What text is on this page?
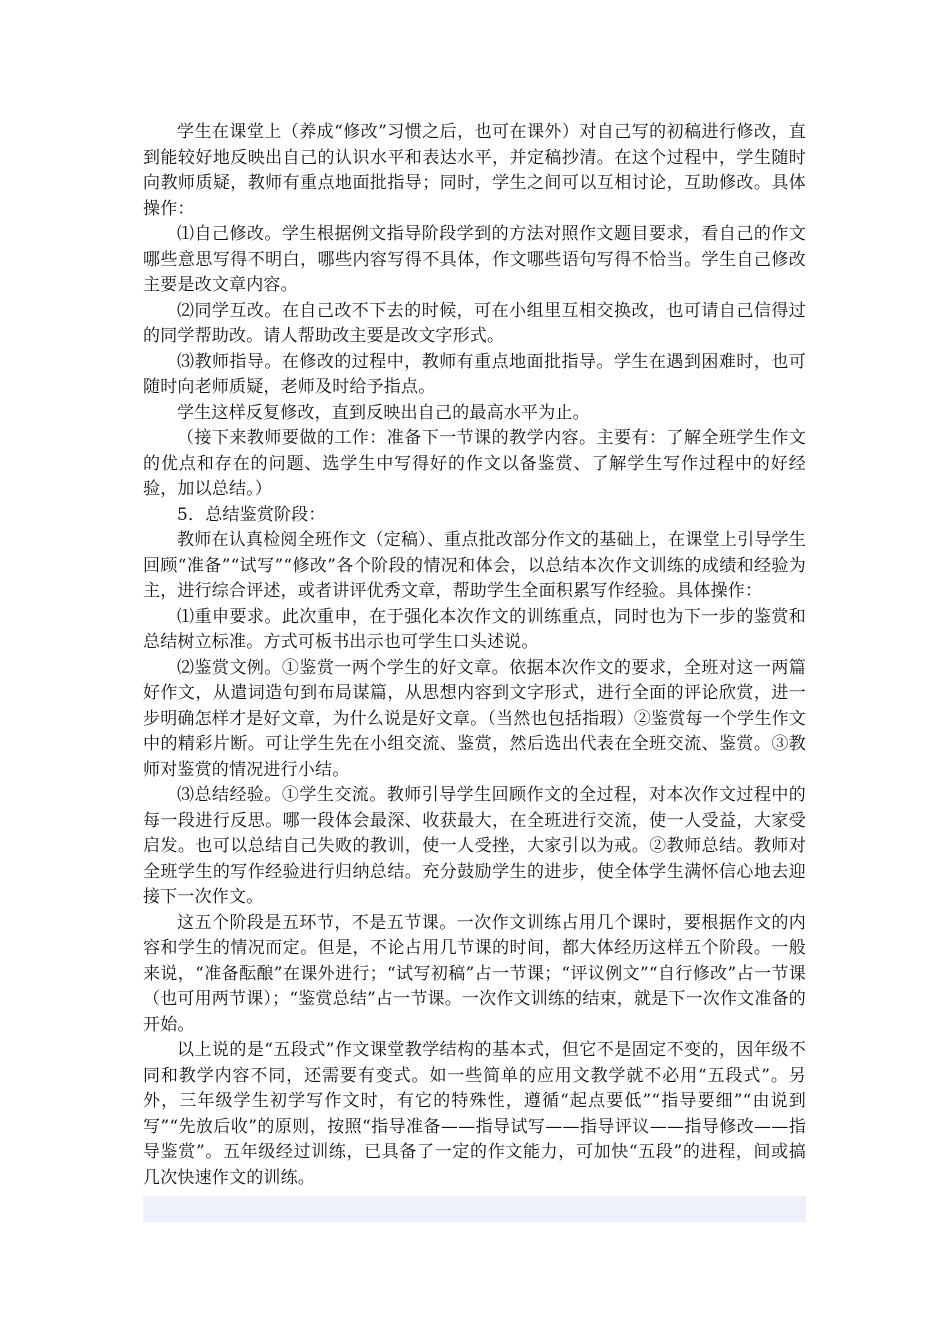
学生在课堂上（养成“修改”习惯之后，也可在课外）对自己写的初稿进行修改，直到能较好地反映出自己的认识水平和表达水平，并定稿抄清。在这个过程中，学生随时向教师质疑，教师有重点地面批指导；同时，学生之间可以互相讨论，互助修改。具体操作：

⑴自己修改。学生根据例文指导阶段学到的方法对照作文题目要求，看自己的作文哪些意思写得不明白，哪些内容写得不具体，作文哪些语句写得不恰当。学生自己修改主要是改文章内容。

⑵同学互改。在自己改不下去的时候，可在小组里互相交换改，也可请自己信得过的同学帮助改。请人帮助改主要是改文字形式。

⑶教师指导。在修改的过程中，教师有重点地面批指导。学生在遇到困难时，也可随时向老师质疑，老师及时给予指点。

学生这样反复修改，直到反映出自己的最高水平为止。

（接下来教师要做的工作：准备下一节课的教学内容。主要有：了解全班学生作文的优点和存在的问题、选学生中写得好的作文以备鉴赏、了解学生写作过程中的好经验，加以总结。）

5．总结鉴赏阶段：

教师在认真检阅全班作文（定稿）、重点批改部分作文的基础上，在课堂上引导学生回顾“准备”“试写”“修改”各个阶段的情况和体会，以总结本次作文训练的成绩和经验为主，进行综合评述，或者讲评优秀文章，帮助学生全面积累写作经验。具体操作：

⑴重申要求。此次重申，在于强化本次作文的训练重点，同时也为下一步的鉴赏和总结树立标准。方式可板书出示也可学生口头述说。

⑵鉴赏文例。①鉴赏一两个学生的好文章。依据本次作文的要求，全班对这一两篇好作文，从遣词造句到布局谋篇，从思想内容到文字形式，进行全面的评论欣赏，进一步明确怎样才是好文章，为什么说是好文章。（当然也包括指瑕）②鉴赏每一个学生作文中的精彩片断。可让学生先在小组交流、鉴赏，然后选出代表在全班交流、鉴赏。③教师对鉴赏的情况进行小结。

⑶总结经验。①学生交流。教师引导学生回顾作文的全过程，对本次作文过程中的每一段进行反思。哪一段体会最深、收获最大，在全班进行交流，使一人受益，大家受启发。也可以总结自己失败的教训，使一人受挫，大家引以为戒。②教师总结。教师对全班学生的写作经验进行归纳总结。充分鼓励学生的进步，使全体学生满怀信心地去迎接下一次作文。

这五个阶段是五环节，不是五节课。一次作文训练占用几个课时，要根据作文的内容和学生的情况而定。但是，不论占用几节课的时间，都大体经历这样五个阶段。一般来说，“准备酝酿”在课外进行；“试写初稿”占一节课；“评议例文”“自行修改”占一节课（也可用两节课）；“鉴赏总结”占一节课。一次作文训练的结束，就是下一次作文准备的开始。

以上说的是“五段式”作文课堂教学结构的基本式，但它不是固定不变的，因年级不同和教学内容不同，还需要有变式。如一些简单的应用文教学就不必用“五段式”。另外，三年级学生初学写作文时，有它的特殊性，遵循“起点要低”“指导要细”“由说到写”“先放后收”的原则，按照“指导准备——指导试写——指导评议——指导修改——指导鉴赏”。五年级经过训练，已具备了一定的作文能力，可加快“五段”的进程，间或搞几次快速作文的训练。
